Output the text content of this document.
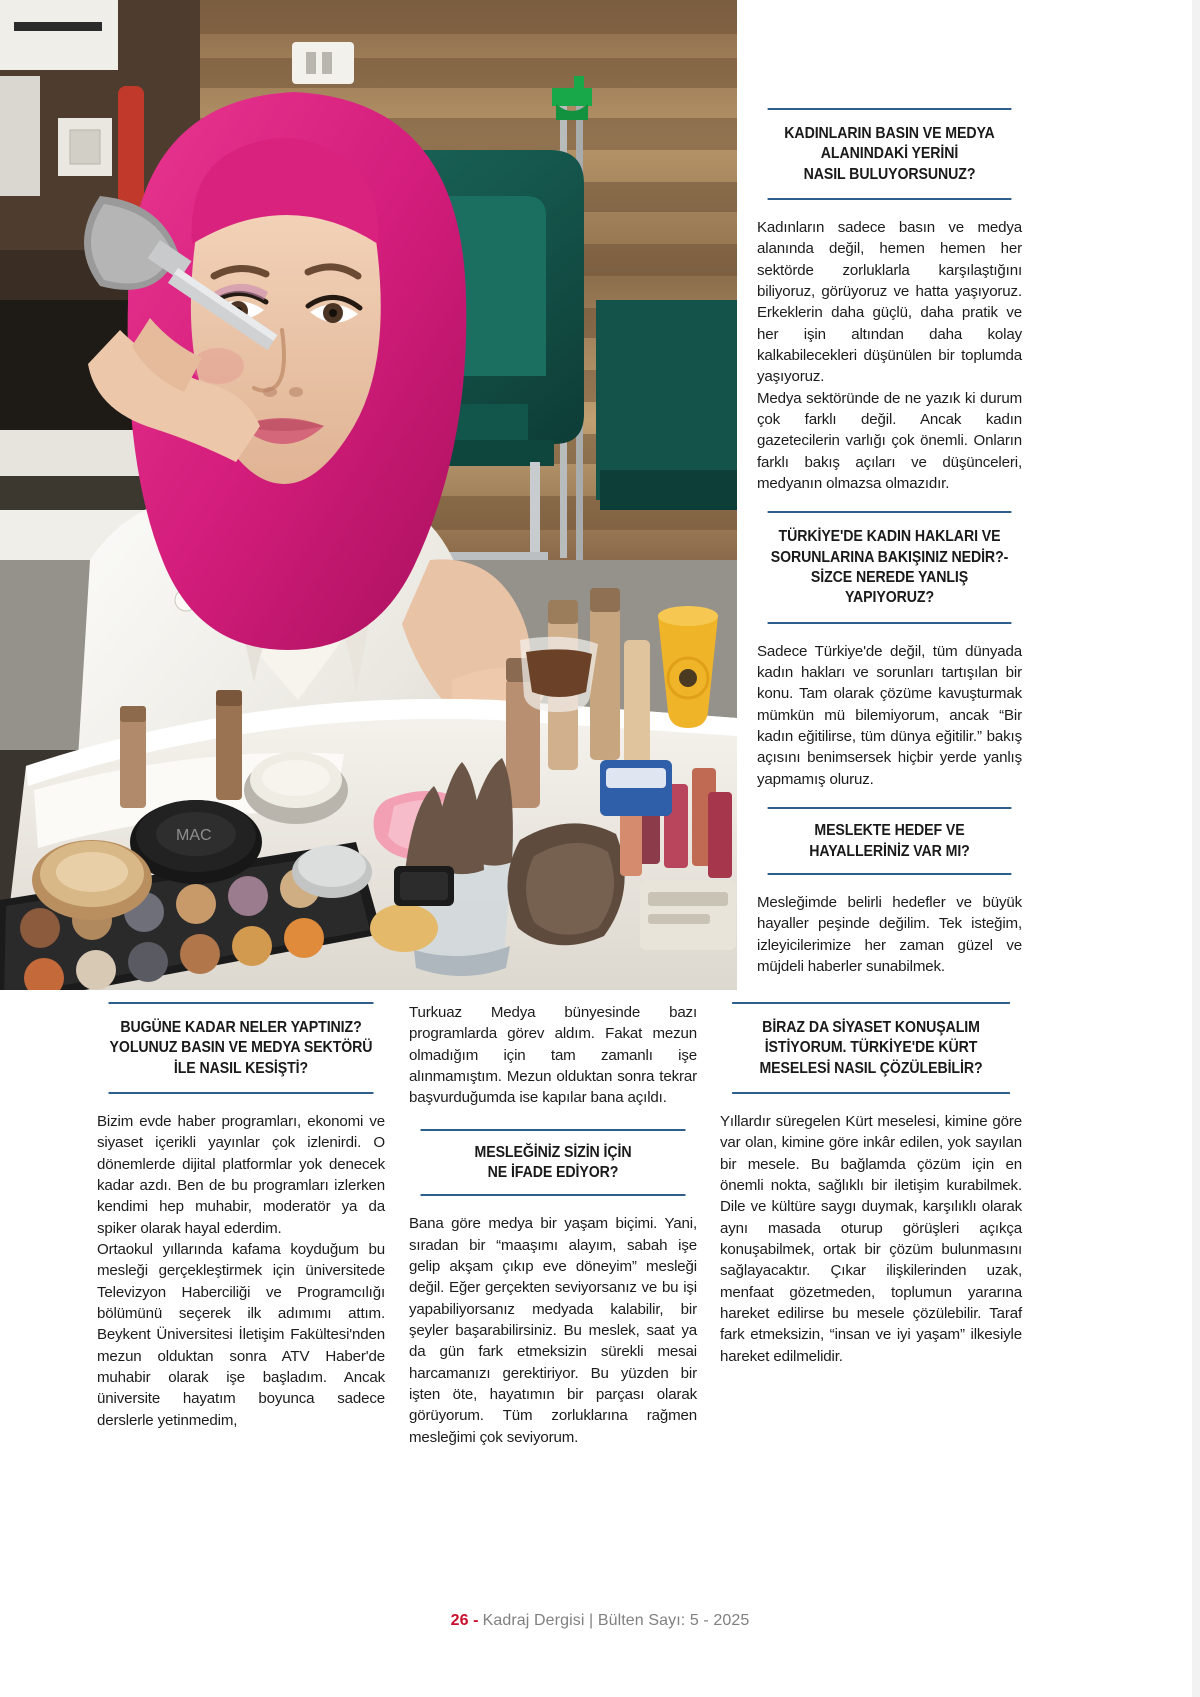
MAC
KADINLARIN BASIN VE MEDYA
ALANINDAKİ YERİNİ
NASIL BULUYORSUNUZ?

Kadınların sadece basın ve medya alanında değil, hemen hemen her sektörde zorluklarla karşılaştığını biliyoruz, görüyoruz ve hatta yaşıyoruz. Erkeklerin daha güçlü, daha pratik ve her işin altından daha kolay kalkabilecekleri düşünülen bir toplumda yaşıyoruz.

Medya sektöründe de ne yazık ki durum çok farklı değil. Ancak kadın gazetecilerin varlığı çok önemli. Onların farklı bakış açıları ve düşünceleri, medyanın olmazsa olmazıdır.

TÜRKİYE'DE KADIN HAKLARI VE
SORUNLARINA BAKIŞINIZ NEDİR?-
SİZCE NEREDE YANLIŞ YAPIYORUZ?

Sadece Türkiye'de değil, tüm dünyada kadın hakları ve sorunları tartışılan bir konu. Tam olarak çözüme kavuşturmak mümkün mü bilemiyorum, ancak “Bir kadın eğitilirse, tüm dünya eğitilir.” bakış açısını benimsersek hiçbir yerde yanlış yapmamış oluruz.

MESLEKTE HEDEF VE
HAYALLERİNİZ VAR MI?

Mesleğimde belirli hedefler ve büyük hayaller peşinde değilim. Tek isteğim, izleyicilerimize her zaman güzel ve müjdeli haberler sunabilmek.

BUGÜNE KADAR NELER YAPTINIZ?
YOLUNUZ BASIN VE MEDYA SEKTÖRÜ
İLE NASIL KESİŞTİ?

Bizim evde haber programları, ekonomi ve siyaset içerikli yayınlar çok izlenirdi. O dönemlerde dijital platformlar yok denecek kadar azdı. Ben de bu programları izlerken kendimi hep muhabir, moderatör ya da spiker olarak hayal ederdim.

Ortaokul yıllarında kafama koyduğum bu mesleği gerçekleştirmek için üniversitede Televizyon Haberciliği ve Programcılığı bölümünü seçerek ilk adımımı attım. Beykent Üniversitesi İletişim Fakültesi'nden mezun olduktan sonra ATV Haber'de muhabir olarak işe başladım. Ancak üniversite hayatım boyunca sadece derslerle yetinmedim,

Turkuaz Medya bünyesinde bazı programlarda görev aldım. Fakat mezun olmadığım için tam zamanlı işe alınmamıştım. Mezun olduktan sonra tekrar başvurduğumda ise kapılar bana açıldı.

MESLEĞİNİZ SİZİN İÇİN
NE İFADE EDİYOR?

Bana göre medya bir yaşam biçimi. Yani, sıradan bir “maaşımı alayım, sabah işe gelip akşam çıkıp eve döneyim” mesleği değil. Eğer gerçekten seviyorsanız ve bu işi yapabiliyorsanız medyada kalabilir, bir şeyler başarabilirsiniz. Bu meslek, saat ya da gün fark etmeksizin sürekli mesai harcamanızı gerektiriyor. Bu yüzden bir işten öte, hayatımın bir parçası olarak görüyorum. Tüm zorluklarına rağmen mesleğimi çok seviyorum.

BİRAZ DA SİYASET KONUŞALIM
İSTİYORUM. TÜRKİYE'DE KÜRT
MESELESİ NASIL ÇÖZÜLEBİLİR?

Yıllardır süregelen Kürt meselesi, kimine göre var olan, kimine göre inkâr edilen, yok sayılan bir mesele. Bu bağlamda çözüm için en önemli nokta, sağlıklı bir iletişim kurabilmek. Dile ve kültüre saygı duymak, karşılıklı olarak aynı masada oturup görüşleri açıkça konuşabilmek, ortak bir çözüm bulunmasını sağlayacaktır. Çıkar ilişkilerinden uzak, menfaat gözetmeden, toplumun yararına hareket edilirse bu mesele çözülebilir. Taraf fark etmeksizin, “insan ve iyi yaşam” ilkesiyle hareket edilmelidir.

26 - Kadraj Dergisi | Bülten Sayı: 5 - 2025
